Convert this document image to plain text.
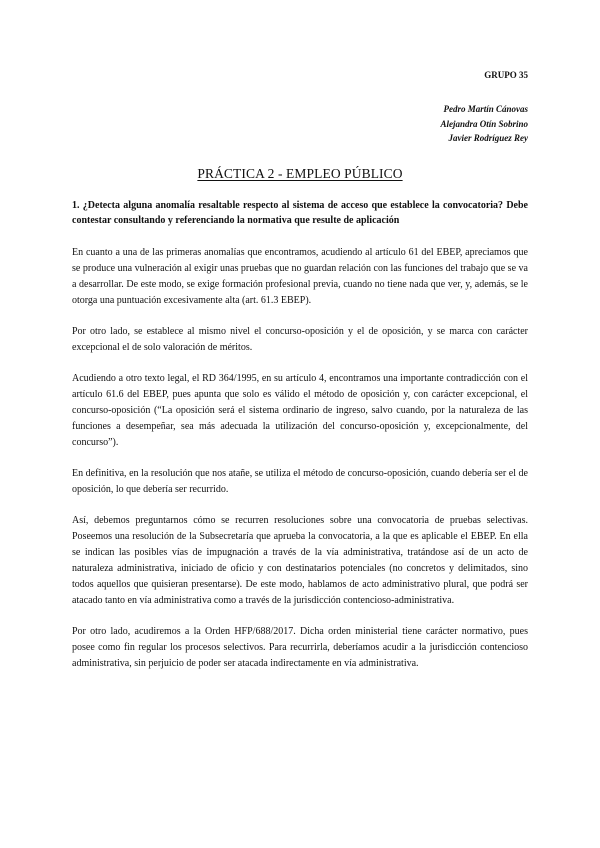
GRUPO 35
Pedro Martín Cánovas
Alejandra Otín Sobrino
Javier Rodríguez Rey
PRÁCTICA 2 - EMPLEO PÚBLICO

1. ¿Detecta alguna anomalía resaltable respecto al sistema de acceso que establece la convocatoria? Debe contestar consultando y referenciando la normativa que resulte de aplicación

En cuanto a una de las primeras anomalías que encontramos, acudiendo al artículo 61 del EBEP, apreciamos que se produce una vulneración al exigir unas pruebas que no guardan relación con las funciones del trabajo que se va a desarrollar. De este modo, se exige formación profesional previa, cuando no tiene nada que ver, y, además, se le otorga una puntuación excesivamente alta (art. 61.3 EBEP).

Por otro lado, se establece al mismo nivel el concurso-oposición y el de oposición, y se marca con carácter excepcional el de solo valoración de méritos.

Acudiendo a otro texto legal, el RD 364/1995, en su artículo 4, encontramos una importante contradicción con el artículo 61.6 del EBEP, pues apunta que solo es válido el método de oposición y, con carácter excepcional, el concurso-oposición (“La oposición será el sistema ordinario de ingreso, salvo cuando, por la naturaleza de las funciones a desempeñar, sea más adecuada la utilización del concurso-oposición y, excepcionalmente, del concurso”).

En definitiva, en la resolución que nos atañe, se utiliza el método de concurso-oposición, cuando debería ser el de oposición, lo que debería ser recurrido.

Así, debemos preguntarnos cómo se recurren resoluciones sobre una convocatoria de pruebas selectivas. Poseemos una resolución de la Subsecretaría que aprueba la convocatoria, a la que es aplicable el EBEP. En ella se indican las posibles vías de impugnación a través de la vía administrativa, tratándose así de un acto de naturaleza administrativa, iniciado de oficio y con destinatarios potenciales (no concretos y delimitados, sino todos aquellos que quisieran presentarse). De este modo, hablamos de acto administrativo plural, que podrá ser atacado tanto en vía administrativa como a través de la jurisdicción contencioso-administrativa.

Por otro lado, acudiremos a la Orden HFP/688/2017. Dicha orden ministerial tiene carácter normativo, pues posee como fin regular los procesos selectivos. Para recurrirla, deberíamos acudir a la jurisdicción contencioso administrativa, sin perjuicio de poder ser atacada indirectamente en vía administrativa.
